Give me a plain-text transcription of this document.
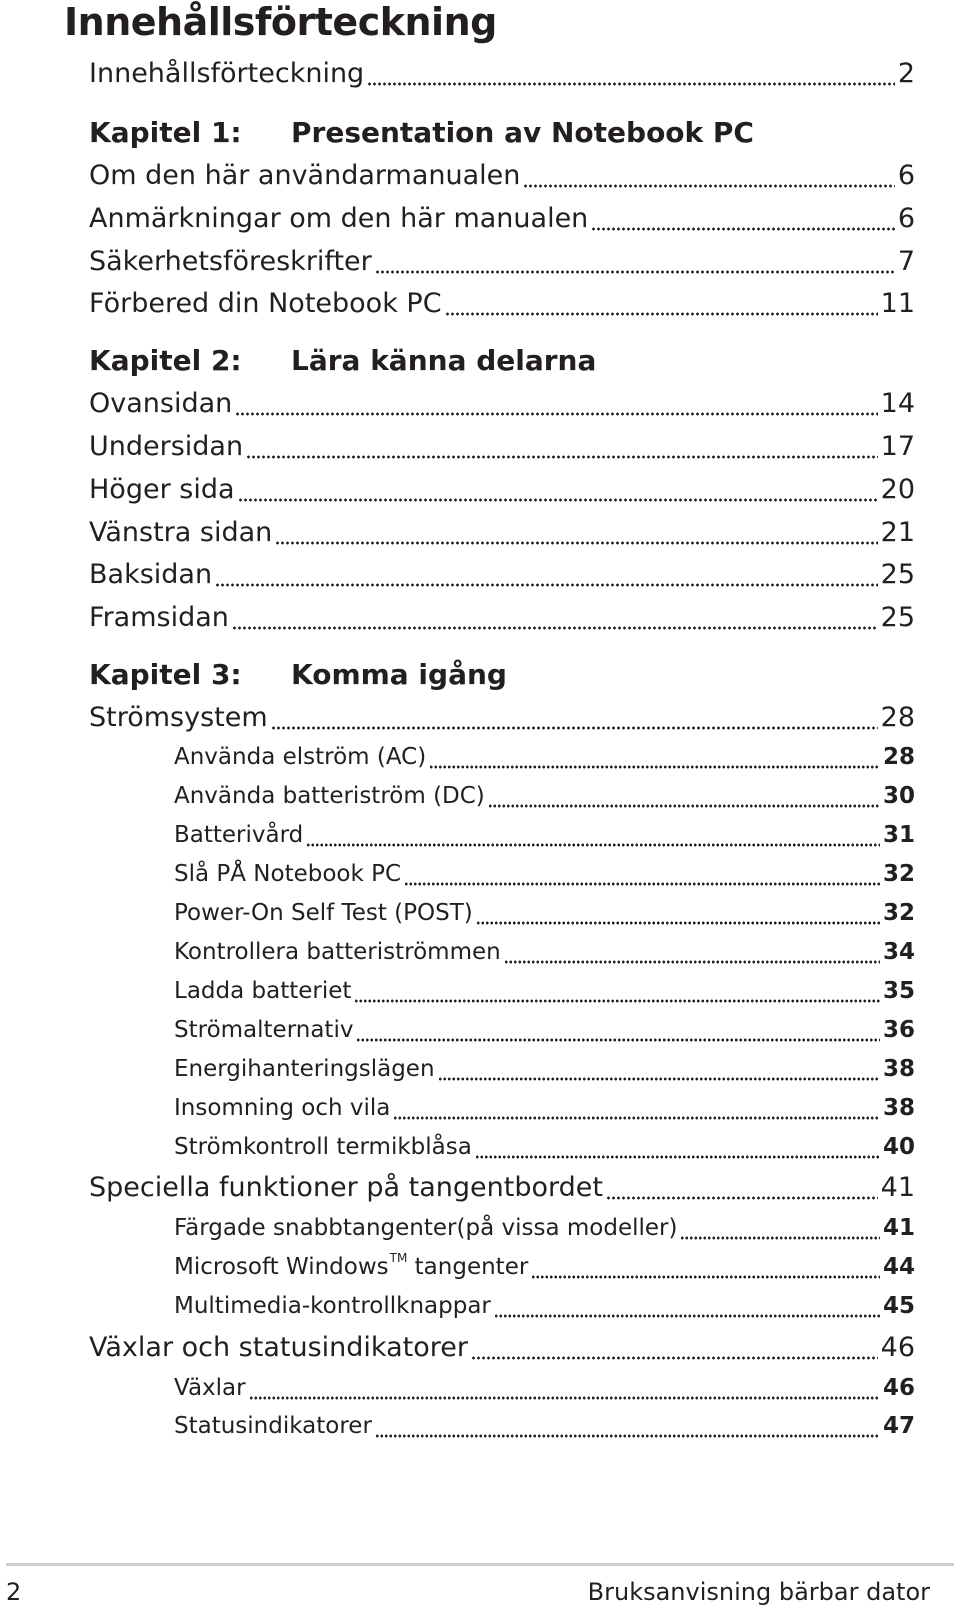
Innehållsförteckning
Innehållsförteckning	2
Kapitel 1:	Presentation av Notebook PC
Om den här användarmanualen	6
Anmärkningar om den här manualen	6
Säkerhetsföreskrifter	7
Förbered din Notebook PC	11
Kapitel 2:	Lära känna delarna
Ovansidan	14
Undersidan	17
Höger sida	20
Vänstra sidan	21
Baksidan	25
Framsidan	25
Kapitel 3:	Komma igång
Strömsystem	28
Använda elström (AC)	28
Använda batteriström (DC)	30
Batterivård	31
Slå PÅ Notebook PC	32
Power-On Self Test (POST)	32
Kontrollera batteriströmmen	34
Ladda batteriet	35
Strömalternativ	36
Energihanteringslägen	38
Insomning och vila	38
Strömkontroll termikblåsa	40
Speciella funktioner på tangentbordet	41
Färgade snabbtangenter(på vissa modeller)	41
Microsoft Windows™ tangenter	44
Multimedia-kontrollknappar	45
Växlar och statusindikatorer	46
Växlar	46
Statusindikatorer	47
2	Bruksanvisning bärbar dator
